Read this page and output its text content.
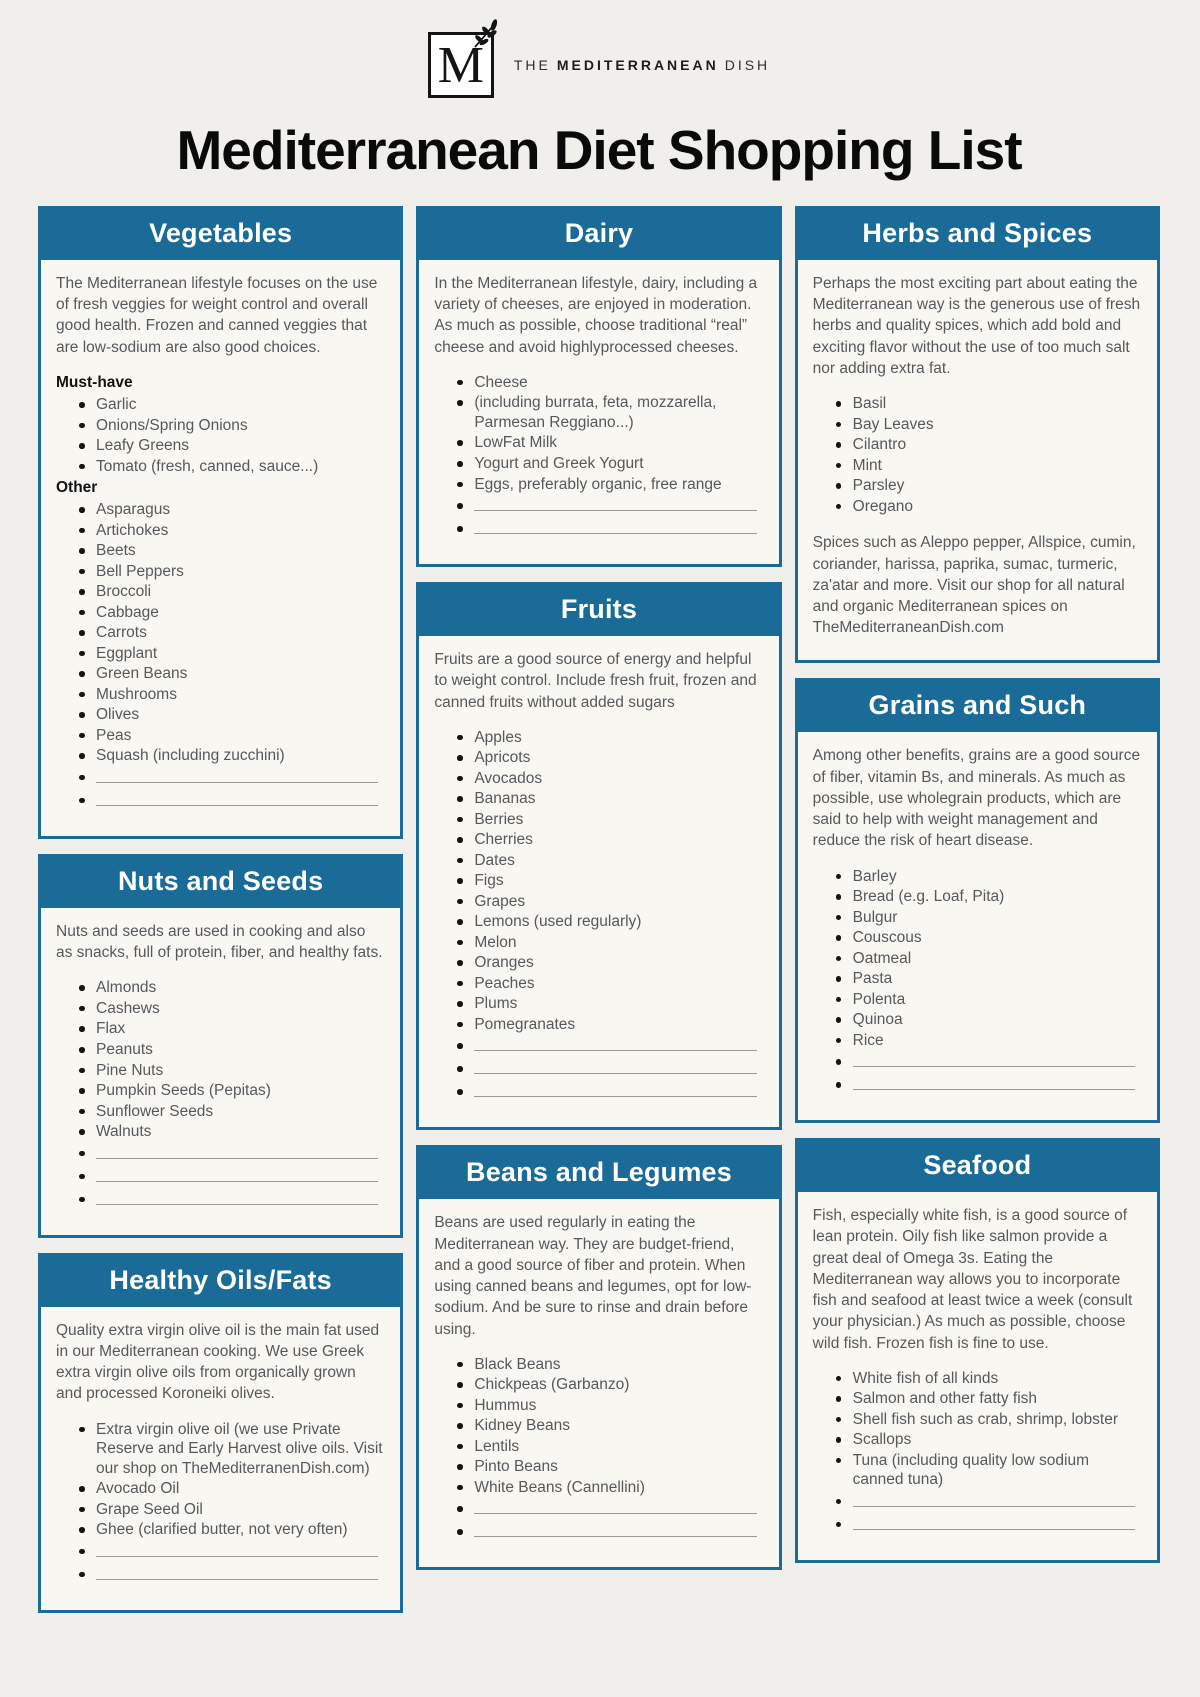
M THE MEDITERRANEAN DISH
Mediterranean Diet Shopping List
Vegetables

The Mediterranean lifestyle focuses on the use of fresh veggies for weight control and overall good health. Frozen and canned veggies that are low-sodium are also good choices.

Must-have
Garlic
Onions/Spring Onions
Leafy Greens
Tomato (fresh, canned, sauce...)
Other
Asparagus
Artichokes
Beets
Bell Peppers
Broccoli
Cabbage
Carrots
Eggplant
Green Beans
Mushrooms
Olives
Peas
Squash (including zucchini)
Nuts and Seeds

Nuts and seeds are used in cooking and also as snacks, full of protein, fiber, and healthy fats.

Almonds
Cashews
Flax
Peanuts
Pine Nuts
Pumpkin Seeds (Pepitas)
Sunflower Seeds
Walnuts
Healthy Oils/Fats

Quality extra virgin olive oil is the main fat used in our Mediterranean cooking. We use Greek extra virgin olive oils from organically grown and processed Koroneiki olives.

Extra virgin olive oil (we use Private Reserve and Early Harvest olive oils. Visit our shop on TheMediterranenDish.com)
Avocado Oil
Grape Seed Oil
Ghee (clarified butter, not very often)
Dairy

In the Mediterranean lifestyle, dairy, including a variety of cheeses, are enjoyed in moderation. As much as possible, choose traditional “real” cheese and avoid highlyprocessed cheeses.

Cheese
(including burrata, feta, mozzarella, Parmesan Reggiano...)
LowFat Milk
Yogurt and Greek Yogurt
Eggs, preferably organic, free range
Fruits

Fruits are a good source of energy and helpful to weight control. Include fresh fruit, frozen and canned fruits without added sugars

Apples
Apricots
Avocados
Bananas
Berries
Cherries
Dates
Figs
Grapes
Lemons (used regularly)
Melon
Oranges
Peaches
Plums
Pomegranates
Beans and Legumes

Beans are used regularly in eating the Mediterranean way. They are budget-friend, and a good source of fiber and protein. When using canned beans and legumes, opt for low-sodium. And be sure to rinse and drain before using.

Black Beans
Chickpeas (Garbanzo)
Hummus
Kidney Beans
Lentils
Pinto Beans
White Beans (Cannellini)
Herbs and Spices

Perhaps the most exciting part about eating the Mediterranean way is the generous use of fresh herbs and quality spices, which add bold and exciting flavor without the use of too much salt nor adding extra fat.

Basil
Bay Leaves
Cilantro
Mint
Parsley
Oregano

Spices such as Aleppo pepper, Allspice, cumin, coriander, harissa, paprika, sumac, turmeric, za'atar and more. Visit our shop for all natural and organic Mediterranean spices on TheMediterraneanDish.com

Grains and Such

Among other benefits, grains are a good source of fiber, vitamin Bs, and minerals. As much as possible, use wholegrain products, which are said to help with weight management and reduce the risk of heart disease.

Barley
Bread (e.g. Loaf, Pita)
Bulgur
Couscous
Oatmeal
Pasta
Polenta
Quinoa
Rice
Seafood

Fish, especially white fish, is a good source of lean protein. Oily fish like salmon provide a great deal of Omega 3s. Eating the Mediterranean way allows you to incorporate fish and seafood at least twice a week (consult your physician.) As much as possible, choose wild fish. Frozen fish is fine to use.

White fish of all kinds
Salmon and other fatty fish
Shell fish such as crab, shrimp, lobster
Scallops
Tuna (including quality low sodium canned tuna)
